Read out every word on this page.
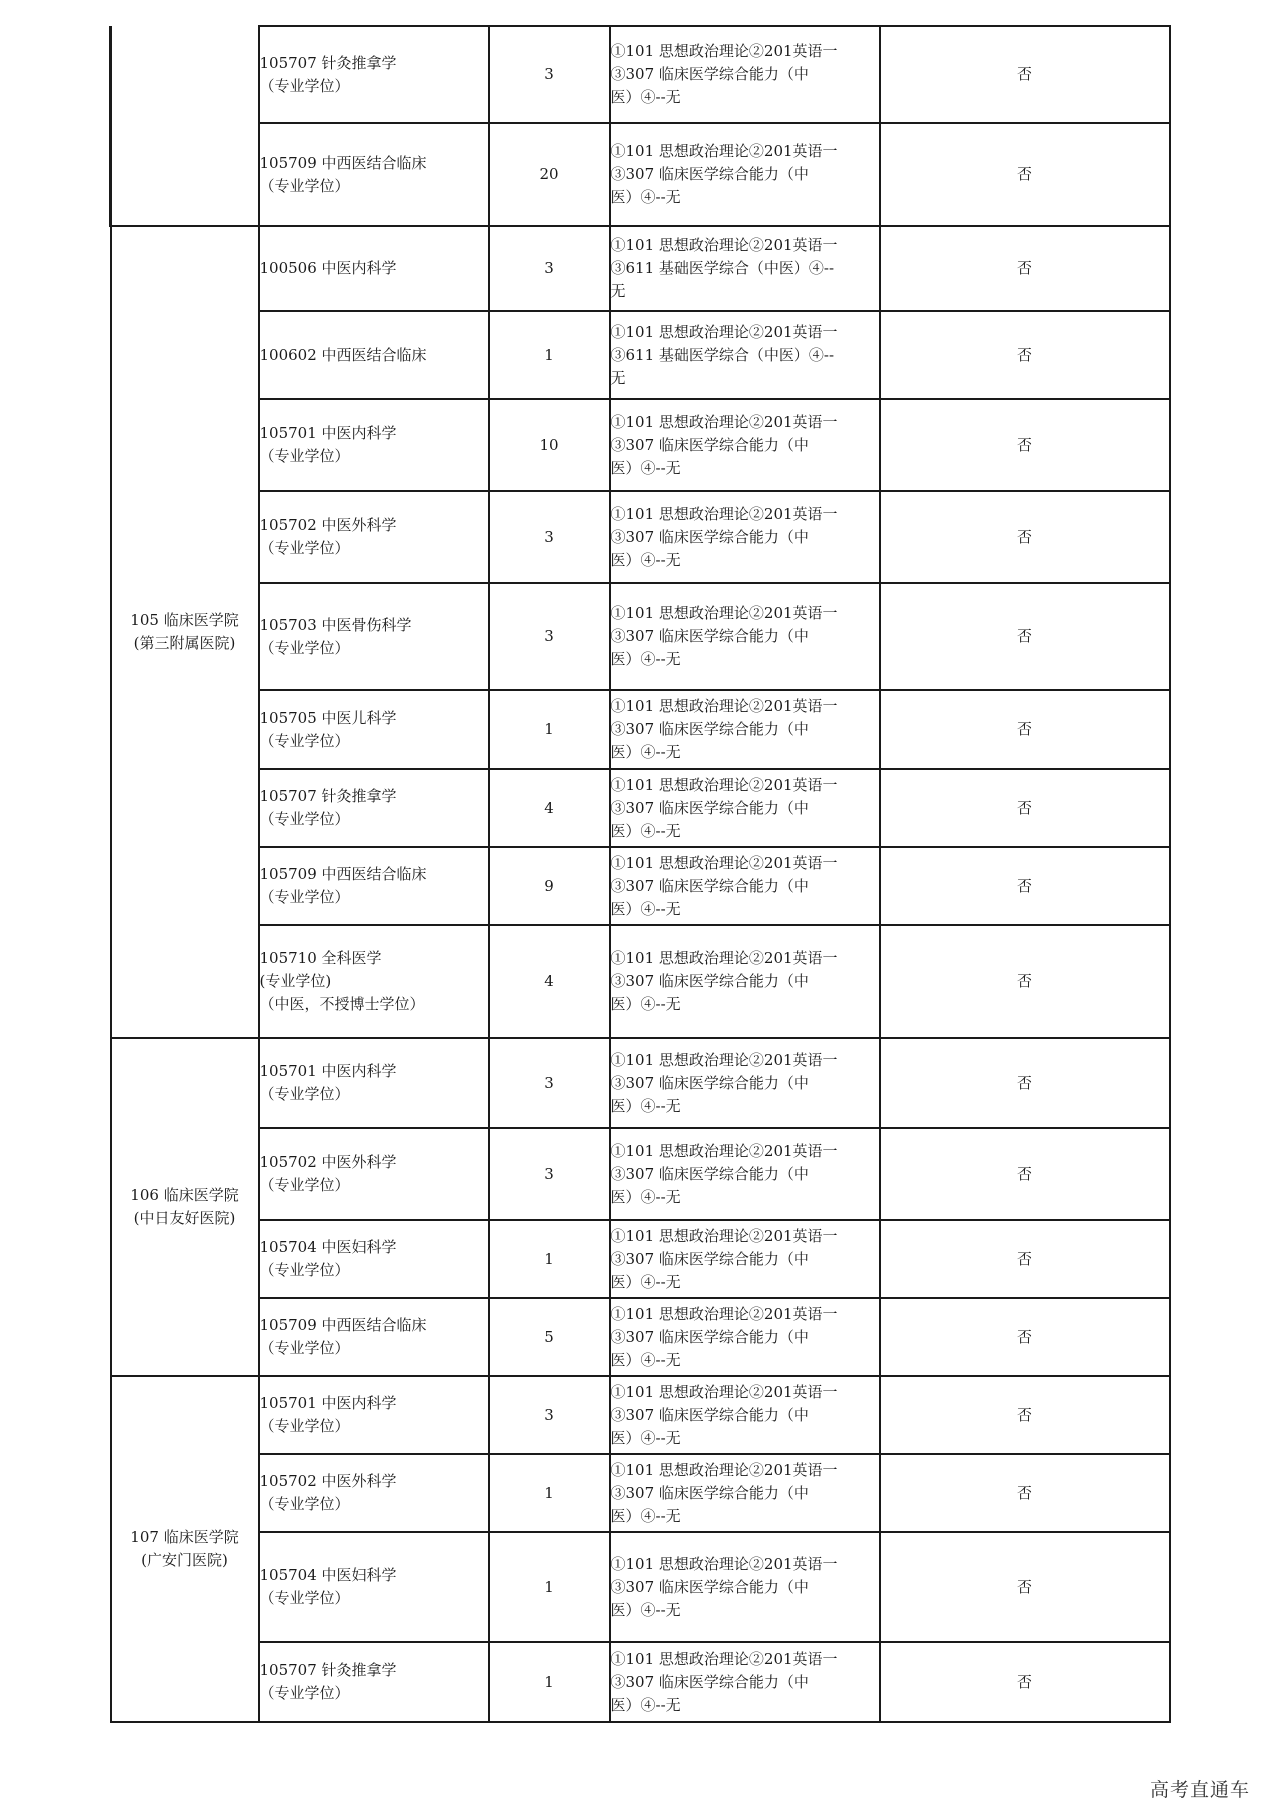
	105707 针灸推拿学
（专业学位）	3	①101 思想政治理论②201英语一
③307 临床医学综合能力（中
医）④--无	否

	105709 中西医结合临床
（专业学位）	20	①101 思想政治理论②201英语一
③307 临床医学综合能力（中
医）④--无	否

105 临床医学院
(第三附属医院)	100506 中医内科学	3	①101 思想政治理论②201英语一
③611 基础医学综合（中医）④--
无	否

	100602 中西医结合临床	1	①101 思想政治理论②201英语一
③611 基础医学综合（中医）④--
无	否

	105701 中医内科学
（专业学位）	10	①101 思想政治理论②201英语一
③307 临床医学综合能力（中
医）④--无	否

	105702 中医外科学
（专业学位）	3	①101 思想政治理论②201英语一
③307 临床医学综合能力（中
医）④--无	否

	105703 中医骨伤科学
（专业学位）	3	①101 思想政治理论②201英语一
③307 临床医学综合能力（中
医）④--无	否

	105705 中医儿科学
（专业学位）	1	①101 思想政治理论②201英语一
③307 临床医学综合能力（中
医）④--无	否

	105707 针灸推拿学
（专业学位）	4	①101 思想政治理论②201英语一
③307 临床医学综合能力（中
医）④--无	否

	105709 中西医结合临床
（专业学位）	9	①101 思想政治理论②201英语一
③307 临床医学综合能力（中
医）④--无	否

	105710 全科医学
(专业学位)
（中医，不授博士学位）	4	①101 思想政治理论②201英语一
③307 临床医学综合能力（中
医）④--无	否

106 临床医学院
(中日友好医院)	105701 中医内科学
（专业学位）	3	①101 思想政治理论②201英语一
③307 临床医学综合能力（中
医）④--无	否

	105702 中医外科学
（专业学位）	3	①101 思想政治理论②201英语一
③307 临床医学综合能力（中
医）④--无	否

	105704 中医妇科学
（专业学位）	1	①101 思想政治理论②201英语一
③307 临床医学综合能力（中
医）④--无	否

	105709 中西医结合临床
（专业学位）	5	①101 思想政治理论②201英语一
③307 临床医学综合能力（中
医）④--无	否

107 临床医学院
(广安门医院)	105701 中医内科学
（专业学位）	3	①101 思想政治理论②201英语一
③307 临床医学综合能力（中
医）④--无	否

	105702 中医外科学
（专业学位）	1	①101 思想政治理论②201英语一
③307 临床医学综合能力（中
医）④--无	否

	105704 中医妇科学
（专业学位）	1	①101 思想政治理论②201英语一
③307 临床医学综合能力（中
医）④--无	否

	105707 针灸推拿学
（专业学位）	1	①101 思想政治理论②201英语一
③307 临床医学综合能力（中
医）④--无	否
高考直通车
